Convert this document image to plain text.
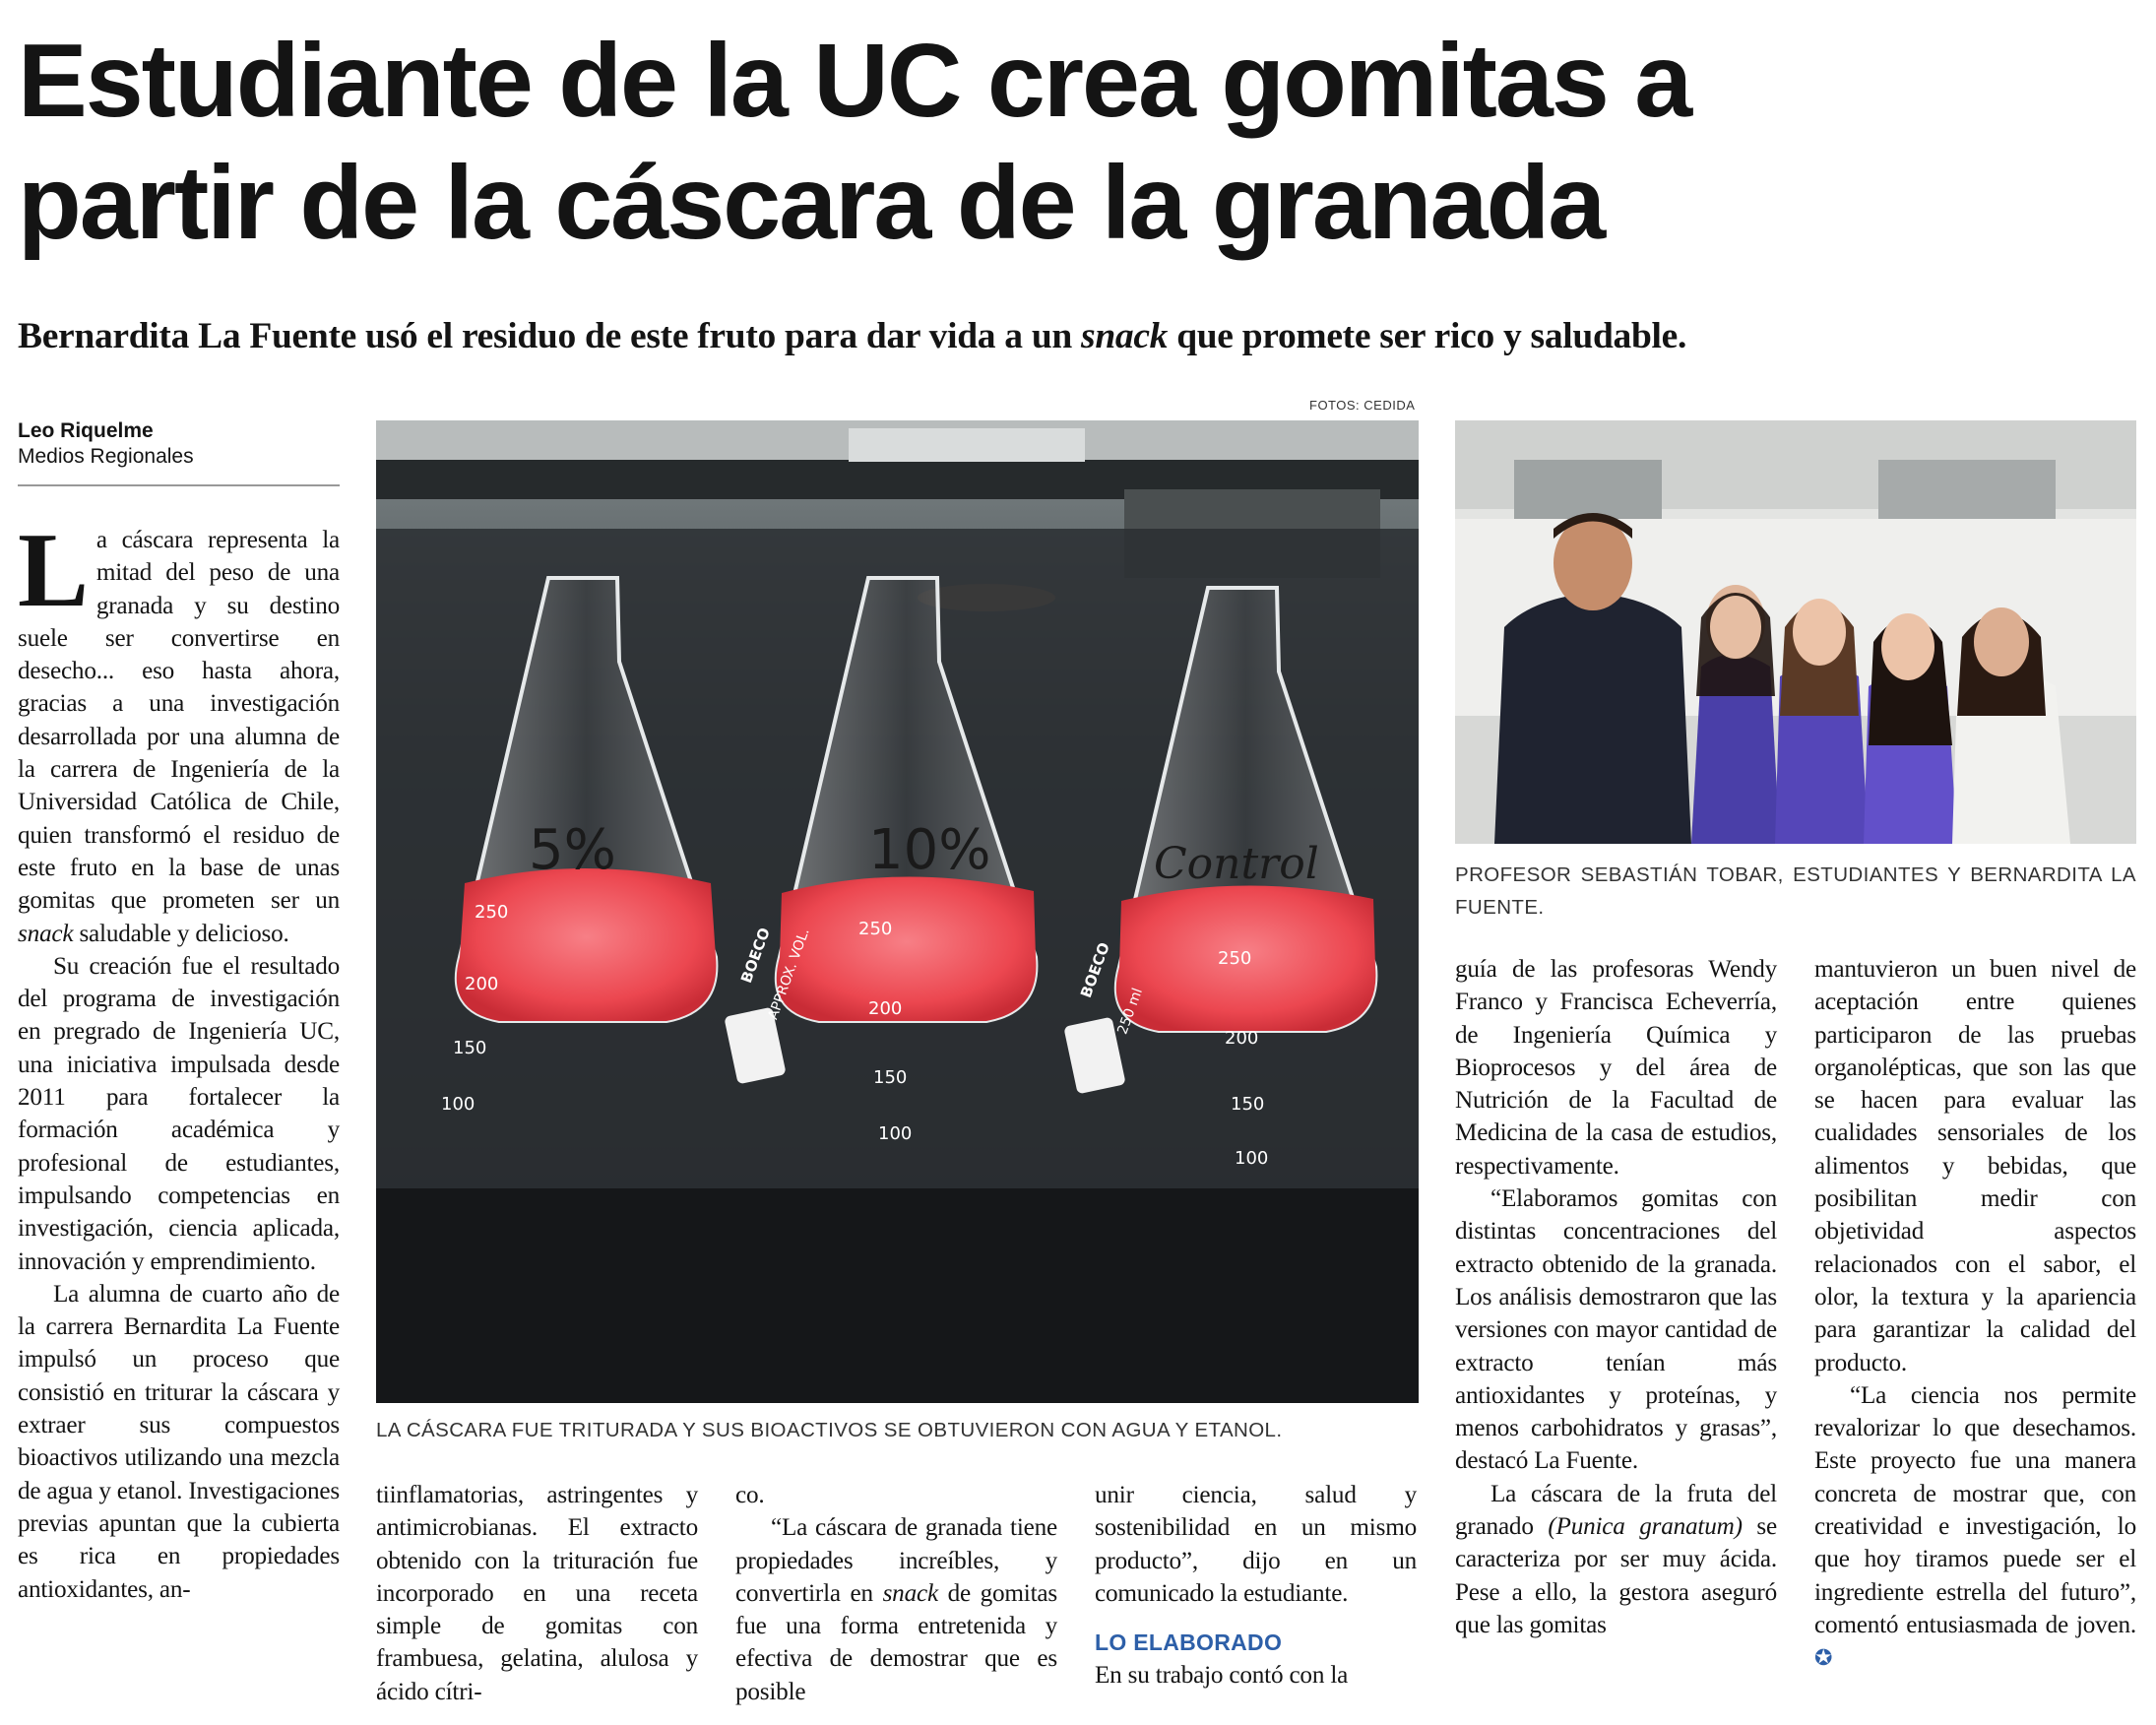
Estudiante de la UC crea gomitas a
partir de la cáscara de la granada

Bernardita La Fuente usó el residuo de este fruto para dar vida a un snack que promete ser rico y saludable.

Leo Riquelme
Medios Regionales
FOTOS: CEDIDA
5%
250
200
150
100
BOECO
APPROX. VOL.
10%
250
200
150
100
BOECO
250 ml
Control
250
200
150
100
LA CÁSCARA FUE TRITURADA Y SUS BIOACTIVOS SE OBTUVIERON CON AGUA Y ETANOL.
PROFESOR SEBASTIÁN TOBAR, ESTUDIANTES Y BERNARDITA LA FUENTE.

La cáscara representa la mitad del peso de una granada y su destino suele ser convertirse en desecho... eso hasta ahora, gracias a una investigación desarrollada por una alumna de la carrera de Ingeniería de la Universidad Católica de Chile, quien transformó el residuo de este fruto en la base de unas gomitas que prometen ser un snack saludable y delicioso.

Su creación fue el resultado del programa de investigación en pregrado de Ingeniería UC, una iniciativa impulsada desde 2011 para fortalecer la formación académica y profesional de estudiantes, impulsando competencias en investigación, ciencia aplicada, innovación y emprendimiento.

La alumna de cuarto año de la carrera Bernardita La Fuente impulsó un proceso que consistió en triturar la cáscara y extraer sus compuestos bioactivos utilizando una mezcla de agua y etanol. Investigaciones previas apuntan que la cubierta es rica en propiedades antioxidantes, an-

tiinflamatorias, astringentes y antimicrobianas. El extracto obtenido con la trituración fue incorporado en una receta simple de gomitas con frambuesa, gelatina, alulosa y ácido cítri-

co.

“La cáscara de granada tiene propiedades increíbles, y convertirla en snack de gomitas fue una forma entretenida y efectiva de demostrar que es posible

unir ciencia, salud y sostenibilidad en un mismo producto”, dijo en un comunicado la estudiante.

LO ELABORADO

En su trabajo contó con la

guía de las profesoras Wendy Franco y Francisca Echeverría, de Ingeniería Química y Bioprocesos y del área de Nutrición de la Facultad de Medicina de la casa de estudios, respectivamente.

“Elaboramos gomitas con distintas concentraciones del extracto obtenido de la granada. Los análisis demostraron que las versiones con mayor cantidad de extracto tenían más antioxidantes y proteínas, y menos carbohidratos y grasas”, destacó La Fuente.

La cáscara de la fruta del granado (Punica granatum) se caracteriza por ser muy ácida. Pese a ello, la gestora aseguró que las gomitas

mantuvieron un buen nivel de aceptación entre quienes participaron de las pruebas organolépticas, que son las que se hacen para evaluar las cualidades sensoriales de los alimentos y bebidas, que posibilitan medir con objetividad aspectos relacionados con el sabor, el olor, la textura y la apariencia para garantizar la calidad del producto.

“La ciencia nos permite revalorizar lo que desechamos. Este proyecto fue una manera concreta de mostrar que, con creatividad e investigación, lo que hoy tiramos puede ser el ingrediente estrella del futuro”, comentó entusiasmada de joven. ✪
